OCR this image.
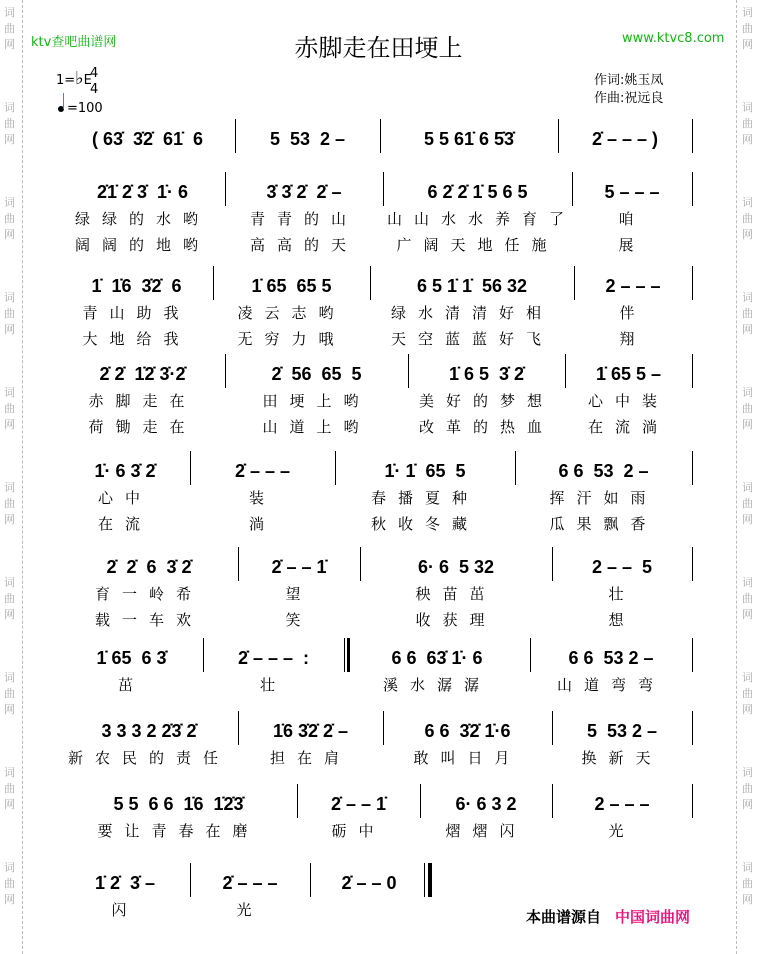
词曲网
词曲网
词曲网
词曲网
词曲网
词曲网
词曲网
词曲网
词曲网
词曲网
词曲网
词曲网
词曲网
词曲网
词曲网
词曲网
词曲网
词曲网
词曲网
词曲网
ktv查吧曲谱网	www.ktvc8.com
赤脚走在田埂上
1=♭E
4
4
=100
作词:姚玉凤
作曲:祝远良
( 63̇  3̇2̇  61̇  6	5  53  2 –	5 5 61̇ 6 5̇3̇	2̇ – – – )
2̇1̇ 2̇ 3̇  1̇· 6
绿绿的水哟
阔阔的地哟
3̇ 3̇ 2̇  2̇ –
青青的山
高高的天
6 2̇ 2̇ 1̇ 5 6 5
山山水水养育了
广阔天地任施
5 – – –
咱
展
1̇  1̇6  3̇2̇  6
青山助我
大地给我
1̇ 65  65 5
凌云志哟
无穷力哦
6 5 1̇ 1̇  56 32
绿水清清好相
天空蓝蓝好飞
2 – – –
伴
翔
2̇ 2̇  1̇2̇ 3̇·2̇
赤脚走在
荷锄走在
2̇  56  65  5
田埂上哟
山道上哟
1̇ 6 5  3̇ 2̇
美好的梦想
改革的热血
1̇ 65 5 –
心中装
在流淌
1̇· 6 3̇ 2̇
心中
在流
2̇ – – –
装
淌
1̇· 1̇  65  5
春播夏种
秋收冬藏
6 6  53  2 –
挥汗如雨
瓜果飘香
2̇  2̇  6  3̇ 2̇
育一岭希
载一车欢
2̇ – – 1̇
望
笑
6· 6  5 32
秧苗茁
收获理
2 – –  5
壮
想
1̇ 65  6 3̇
茁
2̇ – – –  :
壮
6 6  63̇ 1̇· 6
溪水潺潺
6 6  53 2 –
山道弯弯
3 3 3 2 2̇3̇ 2̇
新农民的责任
1̇6 3̇2̇ 2̇ –
担在肩
6 6  3̇2̇ 1̇·6
敢叫日月
5  53 2 –
换新天
5 5  6 6  1̇6  1̇2̇3̇
要让青春在磨
2̇ – – 1̇
砺中
6· 6 3 2
熠熠闪
2 – – –
光
1̇ 2̇  3̇ –
闪
2̇ – – –
光
2̇ – – 0
本曲谱源自 中国词曲网
